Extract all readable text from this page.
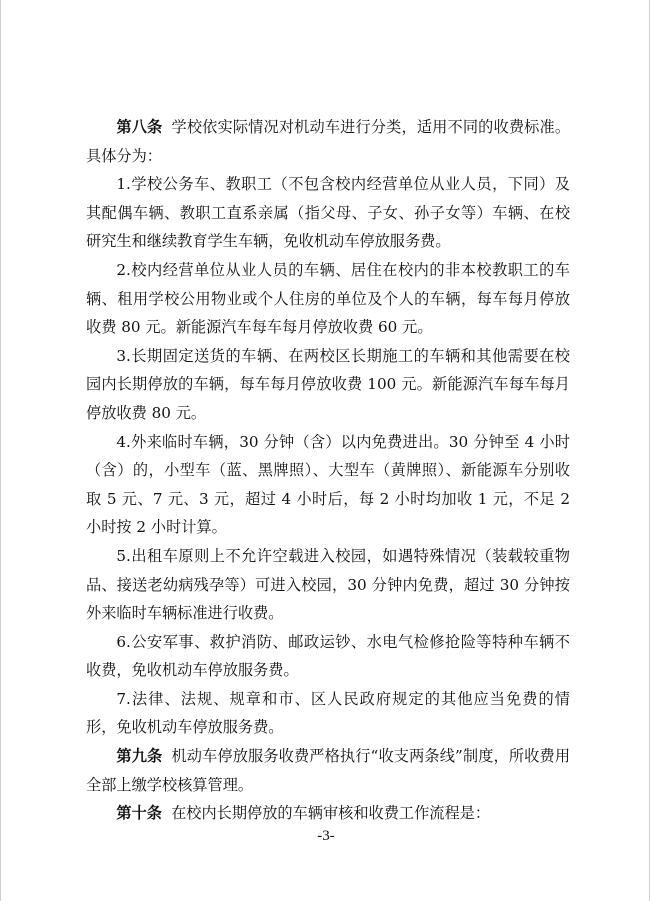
第八条 学校依实际情况对机动车进行分类，适用不同的收费标准。具体分为：

1.学校公务车、教职工（不包含校内经营单位从业人员，下同）及其配偶车辆、教职工直系亲属（指父母、子女、孙子女等）车辆、在校研究生和继续教育学生车辆，免收机动车停放服务费。

2.校内经营单位从业人员的车辆、居住在校内的非本校教职工的车辆、租用学校公用物业或个人住房的单位及个人的车辆，每车每月停放收费 80 元。新能源汽车每车每月停放收费 60 元。

3.长期固定送货的车辆、在两校区长期施工的车辆和其他需要在校园内长期停放的车辆，每车每月停放收费 100 元。新能源汽车每车每月停放收费 80 元。

4.外来临时车辆，30 分钟（含）以内免费进出。30 分钟至 4 小时（含）的，小型车（蓝、黑牌照）、大型车（黄牌照）、新能源车分别收取 5 元、7 元、3 元，超过 4 小时后，每 2 小时均加收 1 元，不足 2 小时按 2 小时计算。

5.出租车原则上不允许空载进入校园，如遇特殊情况（装载较重物品、接送老幼病残孕等）可进入校园，30 分钟内免费，超过 30 分钟按外来临时车辆标准进行收费。

6.公安军事、救护消防、邮政运钞、水电气检修抢险等特种车辆不收费，免收机动车停放服务费。

7.法律、法规、规章和市、区人民政府规定的其他应当免费的情形，免收机动车停放服务费。

第九条 机动车停放服务收费严格执行“收支两条线”制度，所收费用全部上缴学校核算管理。

第十条 在校内长期停放的车辆审核和收费工作流程是：

-3-
